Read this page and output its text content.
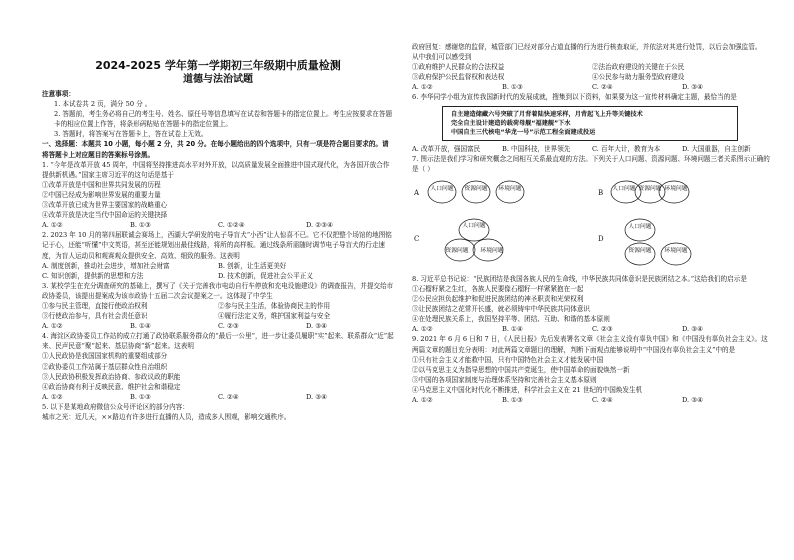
2024-2025 学年第一学期初三年级期中质量检测
道德与法治试题
注意事项：
1. 本试卷共 2 页，满分 50 分 。
2. 答题前，考生务必将自己的考生号、姓名、原任号等信息填写在试卷和答题卡的指定位置上。考生应按要求在答题卡的相应位置上作答，将条形码粘贴在答题卡的指定位置上。
3. 答题时，将答案写在答题卡上，答在试卷上无效。
一、选择题：本题共 10 小题，每小题 2 分，共 20 分。在每小题给出的四个选项中，只有一项是符合题目要求的。请将答题卡上对应题目的答案标号涂黑。
1. “今年是改革开放 45 周年，中国将坚持推进高水平对外开放，以高质量发展全面推进中国式现代化，为各国开放合作提供新机遇。”国家主席习近平的这句话是基于
①改革开放是中国和世界共同发展的历程
②中国已经成为影响世界发展的重要力量
③改革开放已成为世界主要国家的战略重心
④改革开放是决定当代中国命运的关键抉择
A. ①②	B. ①③	C. ①②④	D. ②③④
2. 2023 年 10 月的第四届联诚会赛场上，西湖大学研发的电子导盲犬“小西”让人惊喜不已。它不仅把整个场馆的地图铭记于心，还能“听懂”中文英语，甚至还能规划出最佳线路，将所的高样板。通过线条所需随时调节电子导盲犬的行走速度，为盲人运动员和观赛观众提供安全、高效、细致的服务。这表明
A. 制度创新，推动社会进步，增加社会财富	B. 创新，让生活更美好
C. 知识创新，提供新的思想和方法	D. 技术创新，促进社会公平正义
3. 某校学生在充分调查研究的基础上，撰写了《关于完善我市电动自行车停放和充电设施建设》的调查报告，并提交给市政协委员，该提出提案成为该市政协十五届二次会议提案之一。这体现了中学生
①参与民主管理，直接行使政治权利	②参与民主生活，体验协商民主的作用
③行使政治参与，具有社会责任意识	④履行法定义务，维护国家利益与安全
A. ①②	B. ①④	C. ②③	D. ③④
4. 海淀区政协委员工作站的成立打通了政协联系服务群众的“最后一公里”，进一步让委员履职“实”起来、联系群众“近”起来、民声民意“聚”起来、基层协商“新”起来。这表明
①人民政协是我国国家机构的重要组成部分
②政协委员工作站属于基层群众性自治组织
③人民政协积极发挥政治协商、参政议政的职能
④政治协商有利于反映民意、维护社会和谐稳定
A. ①②	B. ①③	C. ②④	D. ③④
5. 以下是某地政府微信公众号评论区的部分内容：
城市之光：近几天，××路边有许多进行直播的人员，造成多人围观，影响交通秩序。
政府回复：感谢您的监督，城管部门已经对部分占道直播的行为进行核查取证，并依法对其进行处罚，以后会加强监管。
从中我们可以感受到
①政府维护人民群众的合法权益	②法治政府建设的关键在于公民
③政府保护公民监督权和表达权	④公民参与助力服务型政府建设
A. ①②	B. ①③	C. ②④	D. ③④
6. 李华同学小组为宣传我国新时代的发展成就，搜集到以下资料，如果要为这一宣传材料确定主题，最恰当的是
自主建造储藏六号突破了月背着陆快速采样，月背起飞上升等关键技术
完全自主设计建造的载荷母舰“福建舰”下水
中国自主三代核电“华龙一号”示范工程全面建成投运
A. 改革开放，强国富民	B. 中国科技，世界领先	C. 百年大计，教育为本	D. 大国重器，自主创新
7. 图示法是我们学习和研究概念之间相互关系最直观的方法。下列关于人口问题、资源问题、环境问题三者关系图示正确的是（ ）
A 人口问题 资源问题 环境问题	B 人口问题 资源问题 环境问题
C
人口问题
资源问题 环境问题
D
人口问题
资源问题 环境问题
8. 习近平总书记说：“民族团结是我国各族人民的生命线，中华民族共同体意识是民族团结之本。”这给我们的启示是
①石榴籽紧之生红，各族人民要像石榴籽一样紧紧抱在一起
②公民应担负起维护和促进民族团结的神圣职责和光荣权利
③让民族团结之花常开长盛，就必须铸牢中华民族共同体意识
④在处理民族关系上，我国坚持平等、团结、互助、和谐的基本原则
A. ①②	B. ①④	C. ②③	D. ③④
9. 2021 年 6 月 6 日和 7 日，《人民日报》先后发表署名文章《社会主义没有辜负中国》和《中国没有辜负社会主义》。这两篇文章的题目充分表明：对此两篇文章题目的理解，判断下面观点能够说明中“中国没有辜负社会主义”中的是
①只有社会主义才能救中国，只有中国特色社会主义才能发展中国
②以马克思主义为指导思想的中国共产党诞生，使中国革命的面貌焕然一新
③中国的各项国家制度与治理体系坚持和完善社会主义基本原则
④马克思主义中国化时代化不断推进，科学社会主义在 21 世纪的中国焕发生机
A. ①②	B. ①③	C. ②④	D. ③④
